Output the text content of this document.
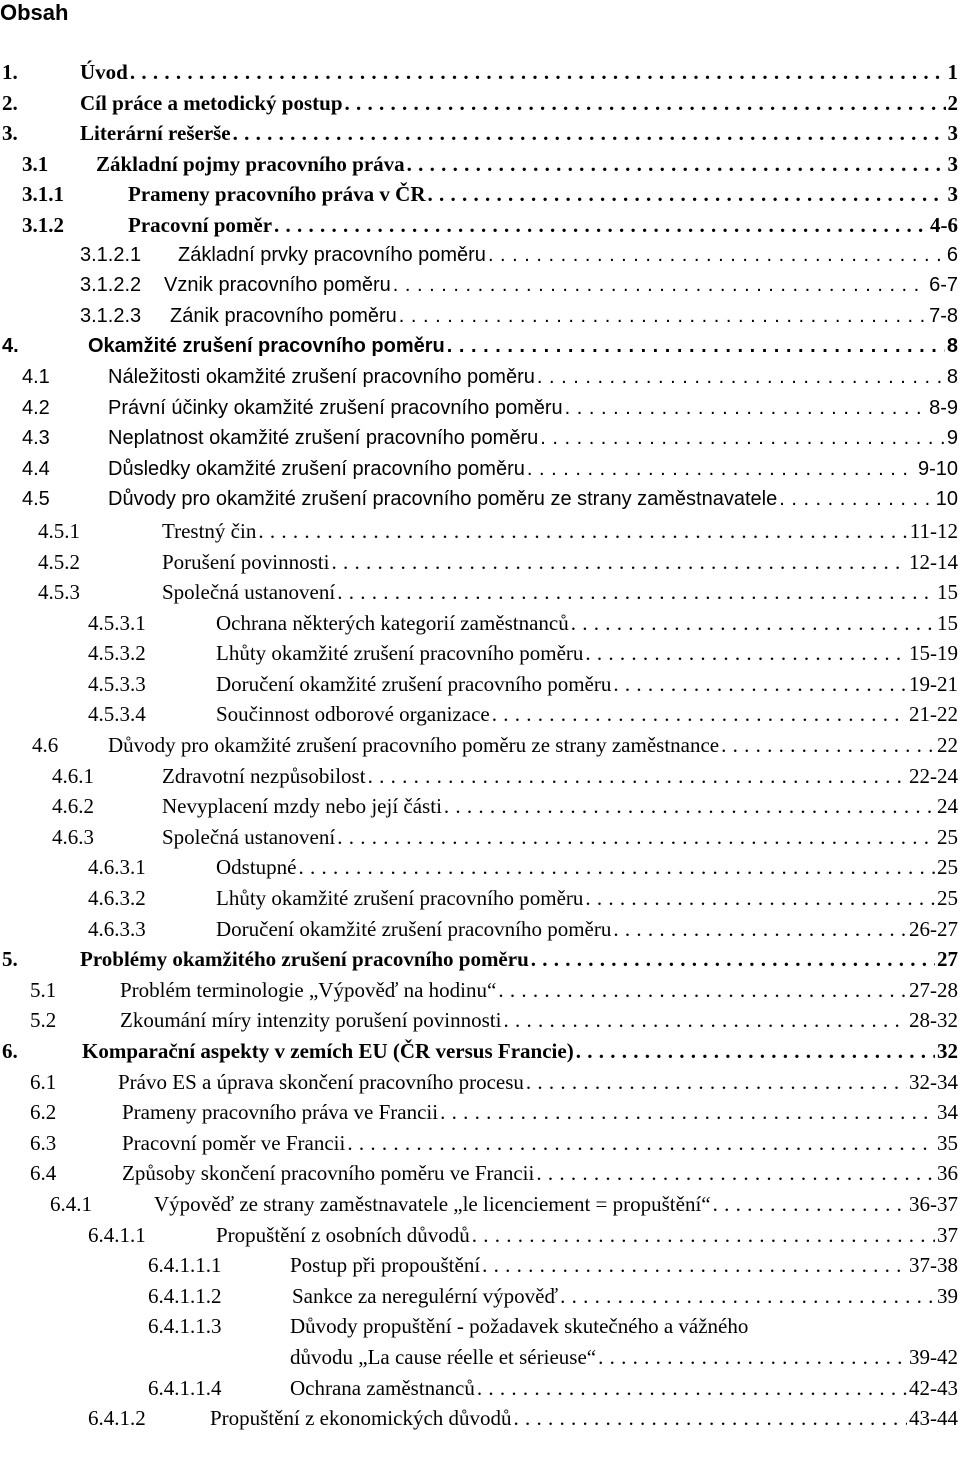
Obsah
1.	Úvod . . .	1
2.	Cíl práce a metodický postup . . .	2
3.	Literární rešerše . . .	3
3.1 Základní pojmy pracovního práva . . .	3
3.1.1	Prameny pracovního práva v ČR . . .	3
3.1.2	Pracovní poměr . . .	4-6
3.1.2.1 Základní prvky pracovního poměru . . .	6
3.1.2.2 Vznik pracovního poměru . . .	6-7
3.1.2.3 Zánik pracovního poměru . . .	7-8
4.	Okamžité zrušení pracovního poměru . . .	8
4.1	Náležitosti okamžité zrušení pracovního poměru . . .	8
4.2	Právní účinky okamžité zrušení pracovního poměru . . .	8-9
4.3	Neplatnost okamžité zrušení pracovního poměru . . .	9
4.4	Důsledky okamžité zrušení pracovního poměru . . .	9-10
4.5	Důvody pro okamžité zrušení pracovního poměru ze strany zaměstnavatele . . .	10
4.5.1	Trestný čin . . .	11-12
4.5.2	Porušení povinnosti . . .	12-14
4.5.3	Společná ustanovení . . .	15
4.5.3.1	Ochrana některých kategorií zaměstnanců . . .	15
4.5.3.2	Lhůty okamžité zrušení pracovního poměru . . .	15-19
4.5.3.3	Doručení okamžité zrušení pracovního poměru . . .	19-21
4.5.3.4	Součinnost odborové organizace . . .	21-22
4.6 Důvody pro okamžité zrušení pracovního poměru ze strany zaměstnance . . .	22
4.6.1	Zdravotní nezpůsobilost . . .	22-24
4.6.2	Nevyplacení mzdy nebo její části . . .	24
4.6.3	Společná ustanovení . . .	25
4.6.3.1	Odstupné . . .	25
4.6.3.2	Lhůty okamžité zrušení pracovního poměru . . .	25
4.6.3.3	Doručení okamžité zrušení pracovního poměru . . .	26-27
5.	Problémy okamžitého zrušení pracovního poměru . . .	27
5.1	Problém terminologie „Výpověď na hodinu“ . . .	27-28
5.2	Zkoumání míry intenzity porušení povinnosti . . .	28-32
6.	Komparační aspekty v zemích EU (ČR versus Francie) . . .	32
6.1	Právo ES a úprava skončení pracovního procesu . . .	32-34
6.2	Prameny pracovního práva ve Francii . . .	34
6.3	Pracovní poměr ve Francii . . .	35
6.4	Způsoby skončení pracovního poměru ve Francii . . .	36
6.4.1	Výpověď ze strany zaměstnavatele „le licenciement = propuštění“ . . .	36-37
6.4.1.1	Propuštění z osobních důvodů . . .	37
6.4.1.1.1	Postup při propouštění . . .	37-38
6.4.1.1.2	Sankce za neregulérní výpověď . . .	39
6.4.1.1.3	Důvody propuštění - požadavek skutečného a vážného
důvodu „La cause réelle et sérieuse“ . . .	39-42
6.4.1.1.4	Ochrana zaměstnanců . . .	42-43
6.4.1.2	Propuštění z ekonomických důvodů . . .	43-44
